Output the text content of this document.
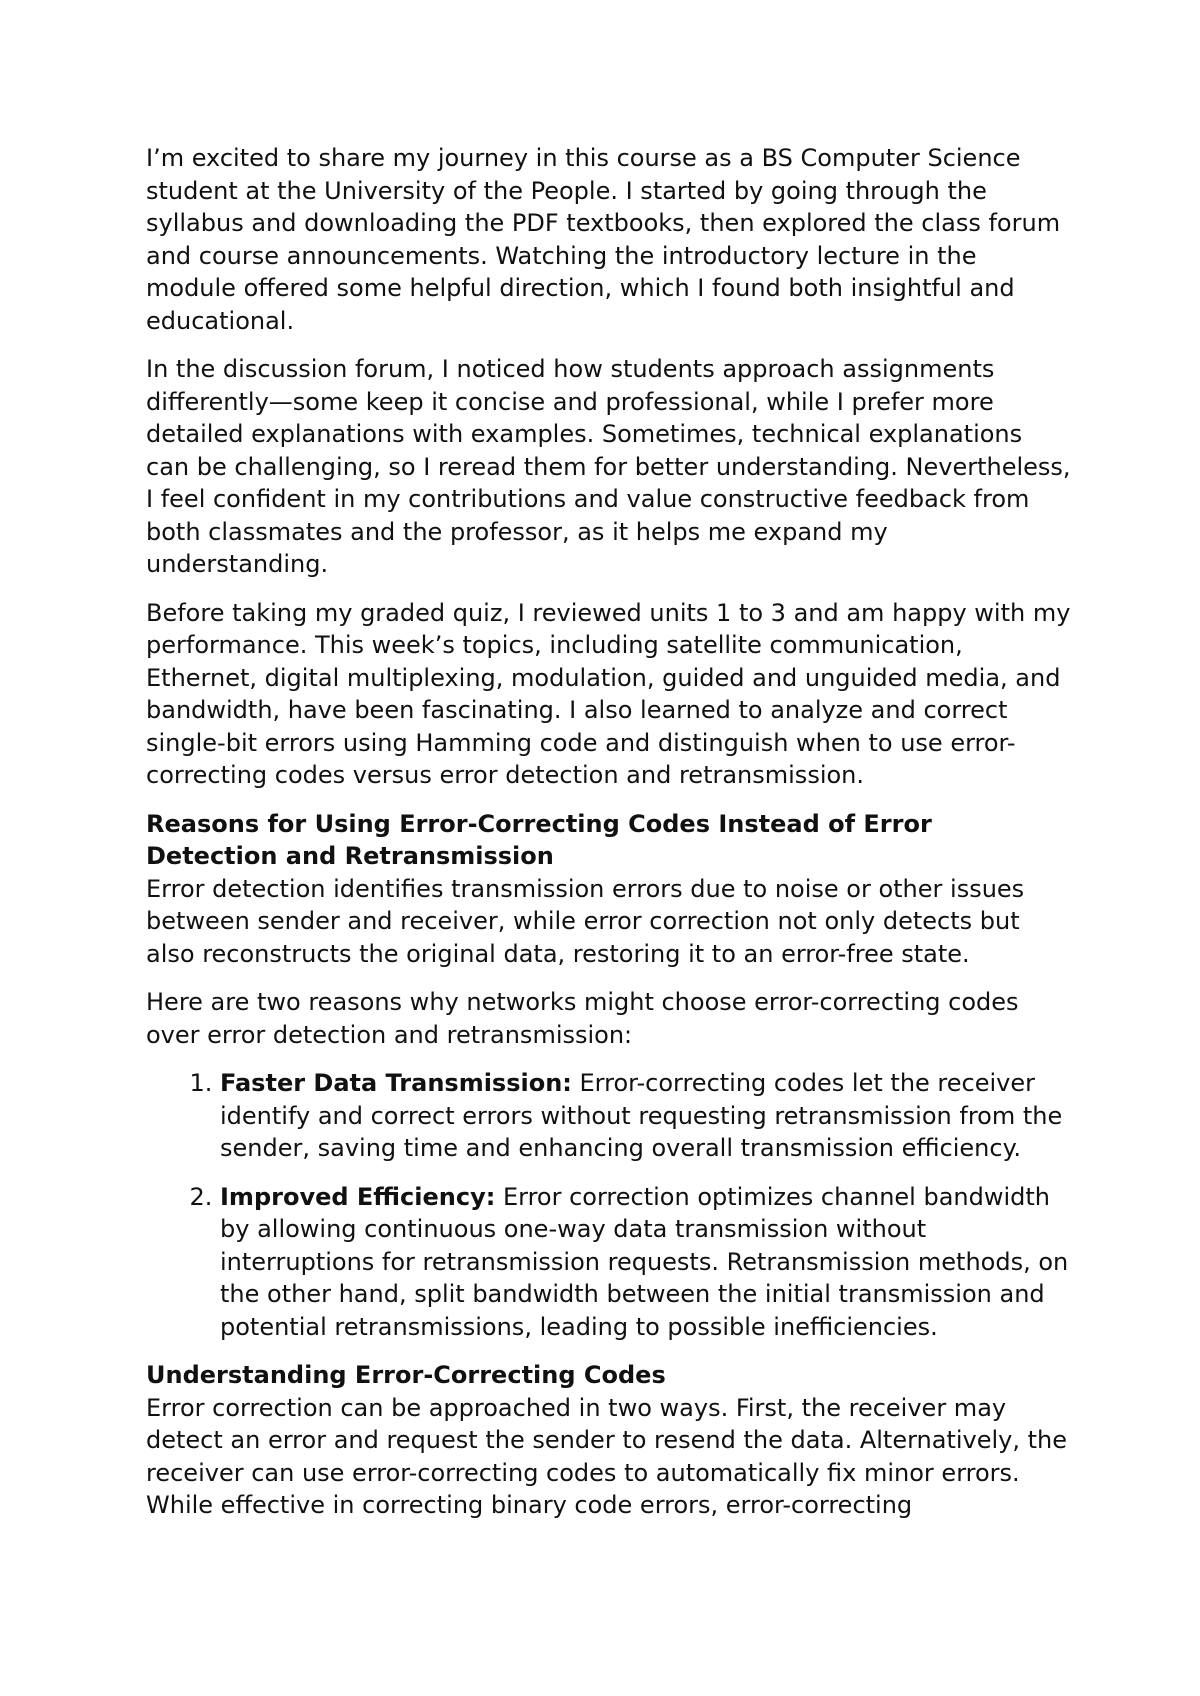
I’m excited to share my journey in this course as a BS Computer Science student at the University of the People. I started by going through the syllabus and downloading the PDF textbooks, then explored the class forum and course announcements. Watching the introductory lecture in the module offered some helpful direction, which I found both insightful and educational.

In the discussion forum, I noticed how students approach assignments differently—some keep it concise and professional, while I prefer more detailed explanations with examples. Sometimes, technical explanations can be challenging, so I reread them for better understanding. Nevertheless, I feel confident in my contributions and value constructive feedback from both classmates and the professor, as it helps me expand my understanding.

Before taking my graded quiz, I reviewed units 1 to 3 and am happy with my performance. This week’s topics, including satellite communication, Ethernet, digital multiplexing, modulation, guided and unguided media, and bandwidth, have been fascinating. I also learned to analyze and correct single-bit errors using Hamming code and distinguish when to use error-correcting codes versus error detection and retransmission.

Reasons for Using Error-Correcting Codes Instead of Error Detection and Retransmission

Error detection identifies transmission errors due to noise or other issues between sender and receiver, while error correction not only detects but also reconstructs the original data, restoring it to an error-free state.

Here are two reasons why networks might choose error-correcting codes over error detection and retransmission:

1. Faster Data Transmission: Error-correcting codes let the receiver identify and correct errors without requesting retransmission from the sender, saving time and enhancing overall transmission efficiency.
2. Improved Efficiency: Error correction optimizes channel bandwidth by allowing continuous one-way data transmission without interruptions for retransmission requests. Retransmission methods, on the other hand, split bandwidth between the initial transmission and potential retransmissions, leading to possible inefficiencies.
Understanding Error-Correcting Codes

Error correction can be approached in two ways. First, the receiver may detect an error and request the sender to resend the data. Alternatively, the receiver can use error-correcting codes to automatically fix minor errors. While effective in correcting binary code errors, error-correcting
